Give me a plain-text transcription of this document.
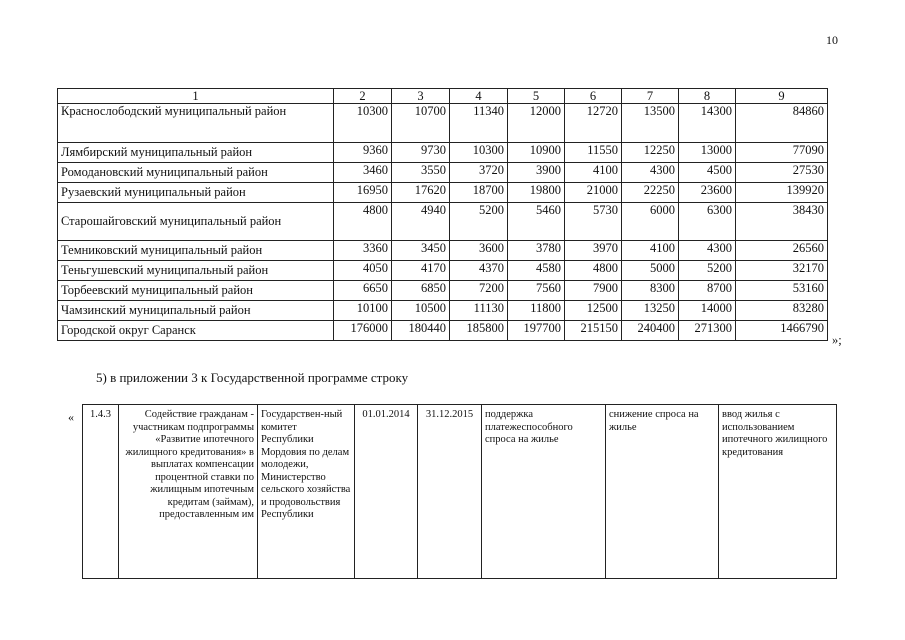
10
1	2	3	4	5	6	7	8	9
Краснослободский муниципальный район	10300	10700	11340	12000	12720	13500	14300	84860
Лямбирский муниципальный район	9360	9730	10300	10900	11550	12250	13000	77090
Ромодановский муниципальный район	3460	3550	3720	3900	4100	4300	4500	27530
Рузаевский муниципальный район	16950	17620	18700	19800	21000	22250	23600	139920
Старошайговский муниципальный район	4800	4940	5200	5460	5730	6000	6300	38430
Темниковский муниципальный район	3360	3450	3600	3780	3970	4100	4300	26560
Теньгушевский муниципальный район	4050	4170	4370	4580	4800	5000	5200	32170
Торбеевский муниципальный район	6650	6850	7200	7560	7900	8300	8700	53160
Чамзинский муниципальный район	10100	10500	11130	11800	12500	13250	14000	83280
Городской округ Саранск	176000	180440	185800	197700	215150	240400	271300	1466790
»;
5) в приложении 3 к Государственной программе строку
« 1.4.3	Содействие гражданам - участникам подпрограммы «Развитие ипотечного жилищного кредитования» в выплатах компенсации процентной ставки по жилищным ипотечным кредитам (займам), предоставленным им	Государствен-ный комитет Республики Мордовия по делам молодежи, Министерство сельского хозяйства и продовольствия Республики	01.01.2014	31.12.2015	поддержка платежеспособного спроса на жилье	снижение спроса на жилье	ввод жилья с использованием ипотечного жилищного кредитования
